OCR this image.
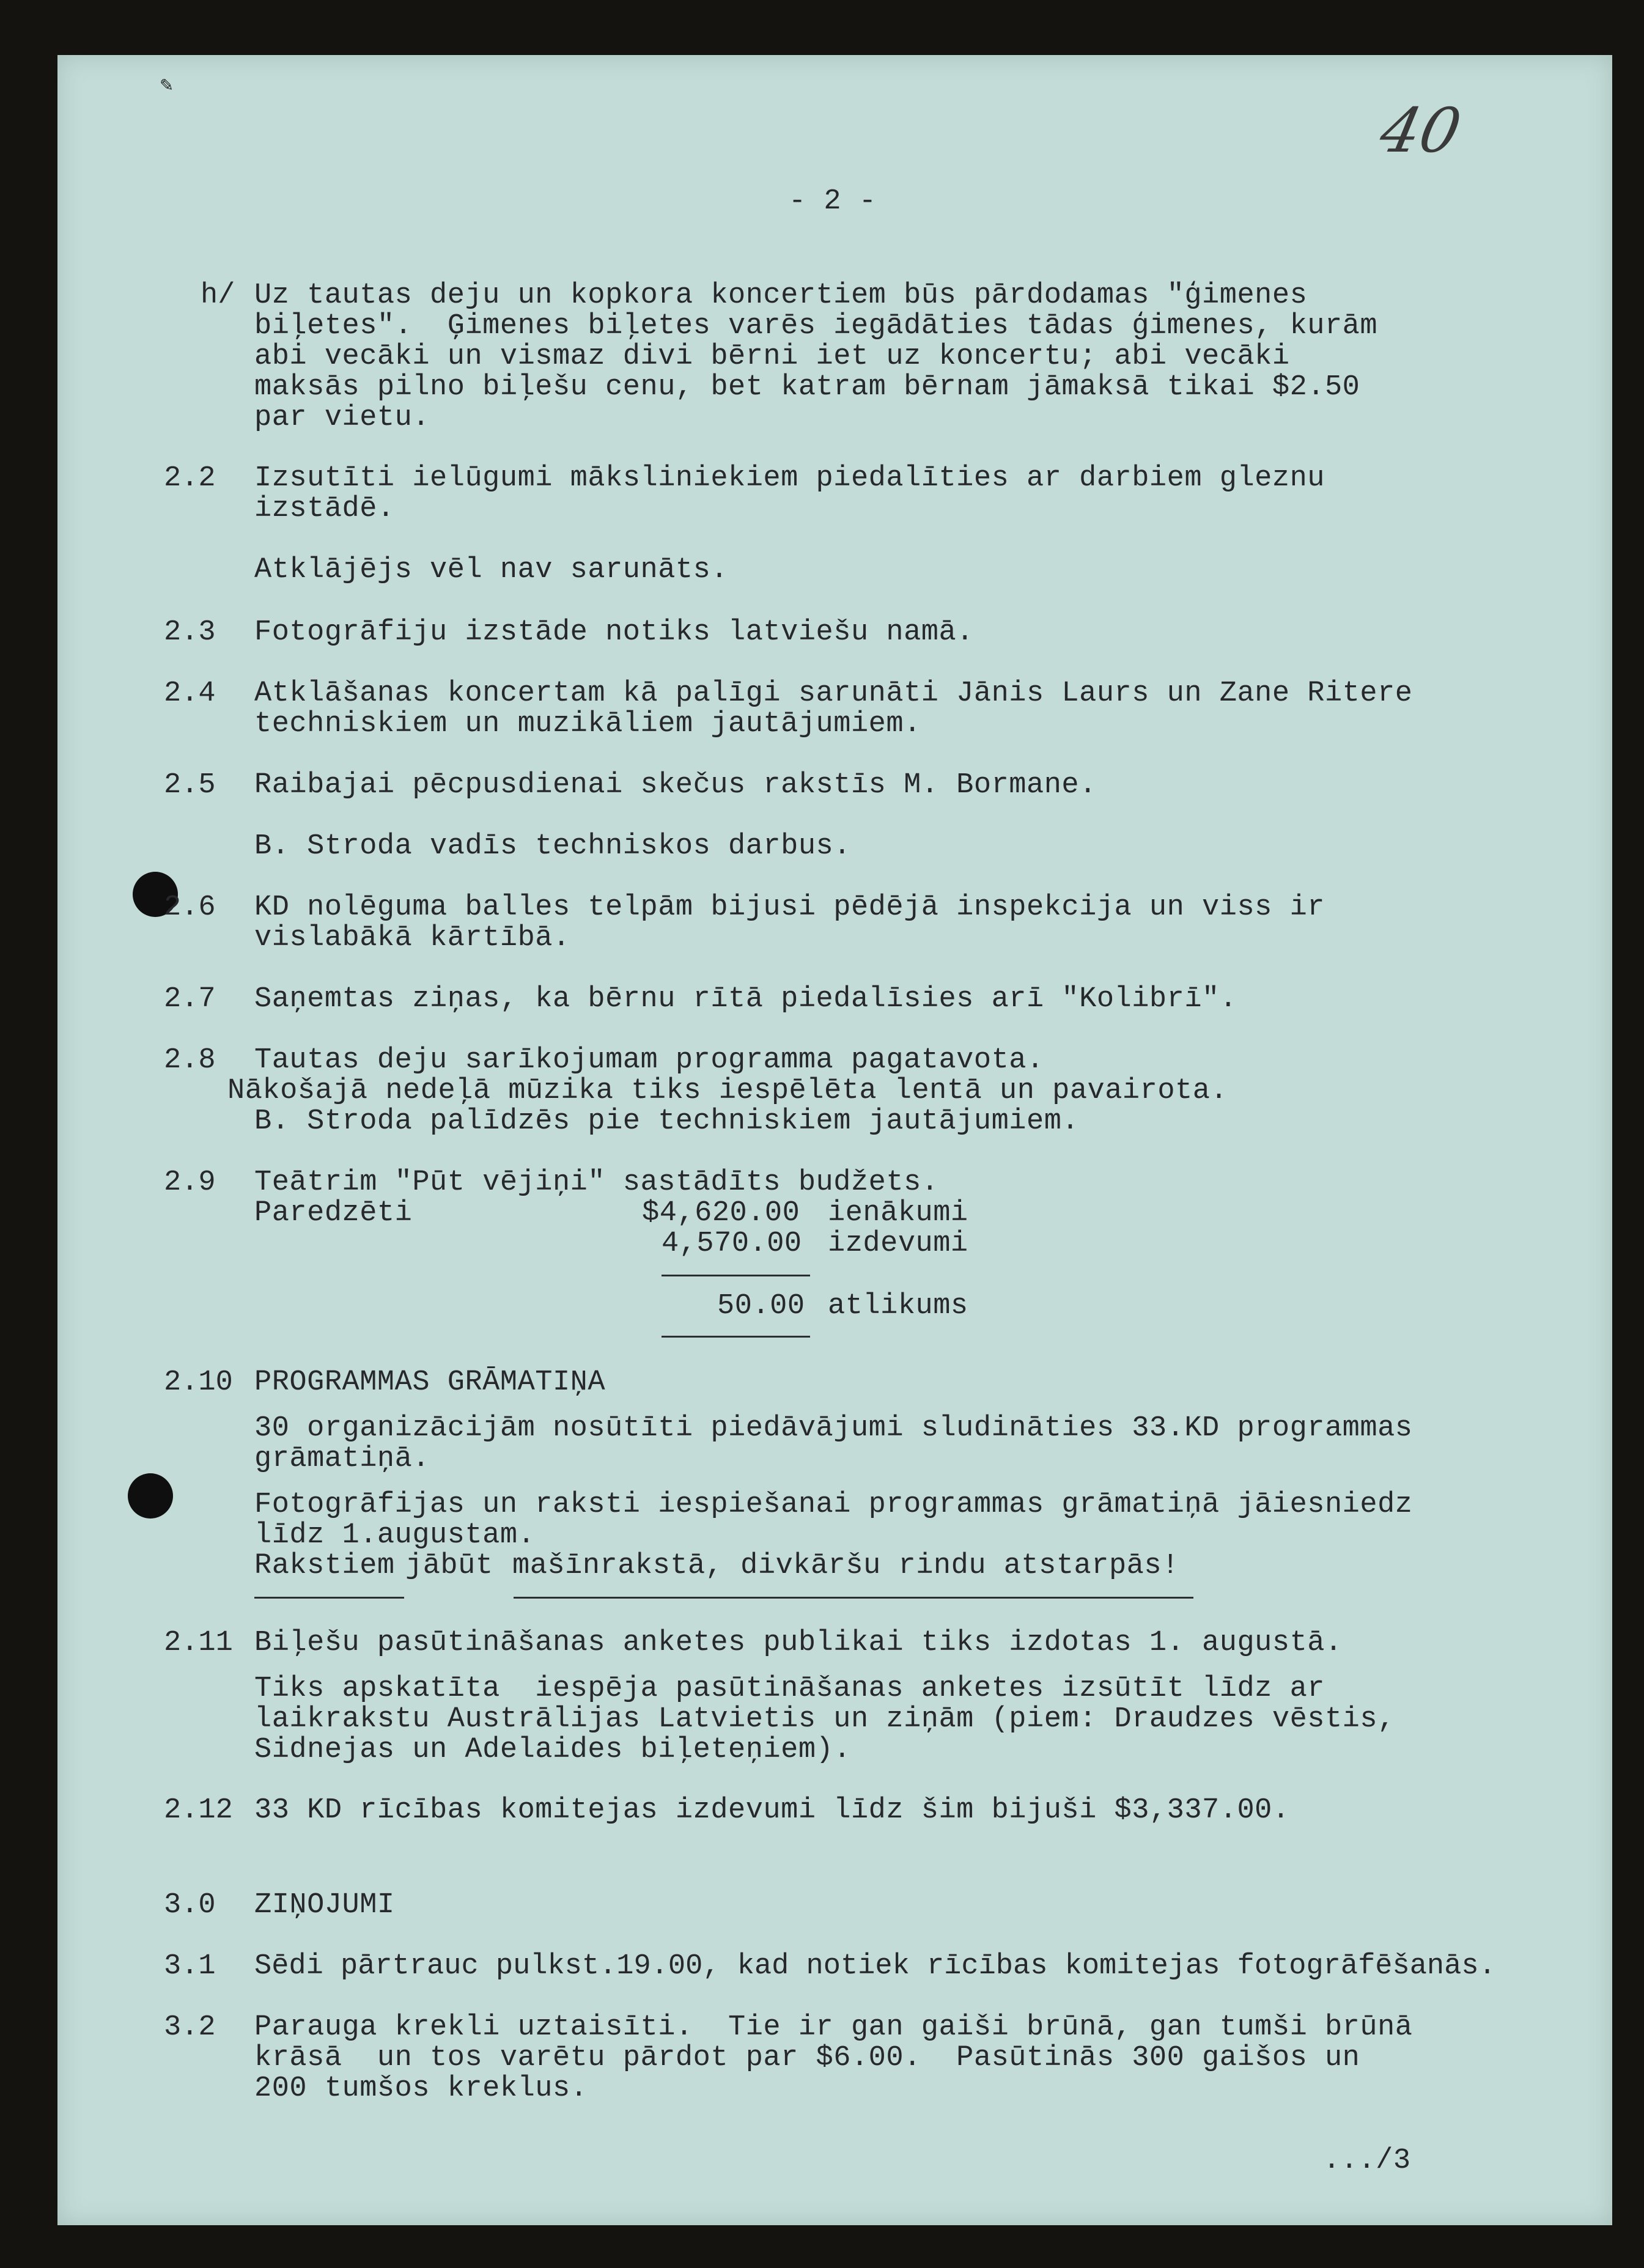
✎
40
- 2 -
h/ Uz tautas deju un kopkora koncertiem būs pārdodamas "ģimenes
biļetes".  Ģimenes biļetes varēs iegādāties tādas ģimenes, kurām
abi vecāki un vismaz divi bērni iet uz koncertu; abi vecāki
maksās pilno biļešu cenu, bet katram bērnam jāmaksā tikai $2.50
par vietu.
2.2 Izsutīti ielūgumi māksliniekiem piedalīties ar darbiem gleznu
izstādē.
Atklājējs vēl nav sarunāts.
2.3 Fotogrāfiju izstāde notiks latviešu namā.
2.4 Atklāšanas koncertam kā palīgi sarunāti Jānis Laurs un Zane Ritere
techniskiem un muzikāliem jautājumiem.
2.5 Raibajai pēcpusdienai skečus rakstīs M. Bormane.
B. Stroda vadīs techniskos darbus.
2.6 KD nolēguma balles telpām bijusi pēdējā inspekcija un viss ir
vislabākā kārtībā.
2.7 Saņemtas ziņas, ka bērnu rītā piedalīsies arī "Kolibrī".
2.8 Tautas deju sarīkojumam programma pagatavota.
Nākošajā nedeļā mūzika tiks iespēlēta lentā un pavairota.
B. Stroda palīdzēs pie techniskiem jautājumiem.
2.9 Teātrim "Pūt vējiņi" sastādīts budžets.
Paredzēti	$4,620.00 ienākumi
4,570.00 izdevumi
50.00 atlikums
2.10 PROGRAMMAS GRĀMATIŅA
30 organizācijām nosūtīti piedāvājumi sludināties 33.KD programmas
grāmatiņā.
Fotogrāfijas un raksti iespiešanai programmas grāmatiņā jāiesniedz
līdz 1.augustam.
Rakstiem jābūt mašīnrakstā, divkāršu rindu atstarpās!
2.11 Biļešu pasūtināšanas anketes publikai tiks izdotas 1. augustā.
Tiks apskatīta  iespēja pasūtināšanas anketes izsūtīt līdz ar
laikrakstu Austrālijas Latvietis un ziņām (piem: Draudzes vēstis,
Sidnejas un Adelaides biļeteņiem).
2.12 33 KD rīcības komitejas izdevumi līdz šim bijuši $3,337.00.
3.0 ZIŅOJUMI
3.1 Sēdi pārtrauc pulkst.19.00, kad notiek rīcības komitejas fotogrāfēšanās.
3.2 Parauga krekli uztaisīti.  Tie ir gan gaiši brūnā, gan tumši brūnā
krāsā  un tos varētu pārdot par $6.00.  Pasūtinās 300 gaišos un
200 tumšos kreklus.
.../3
